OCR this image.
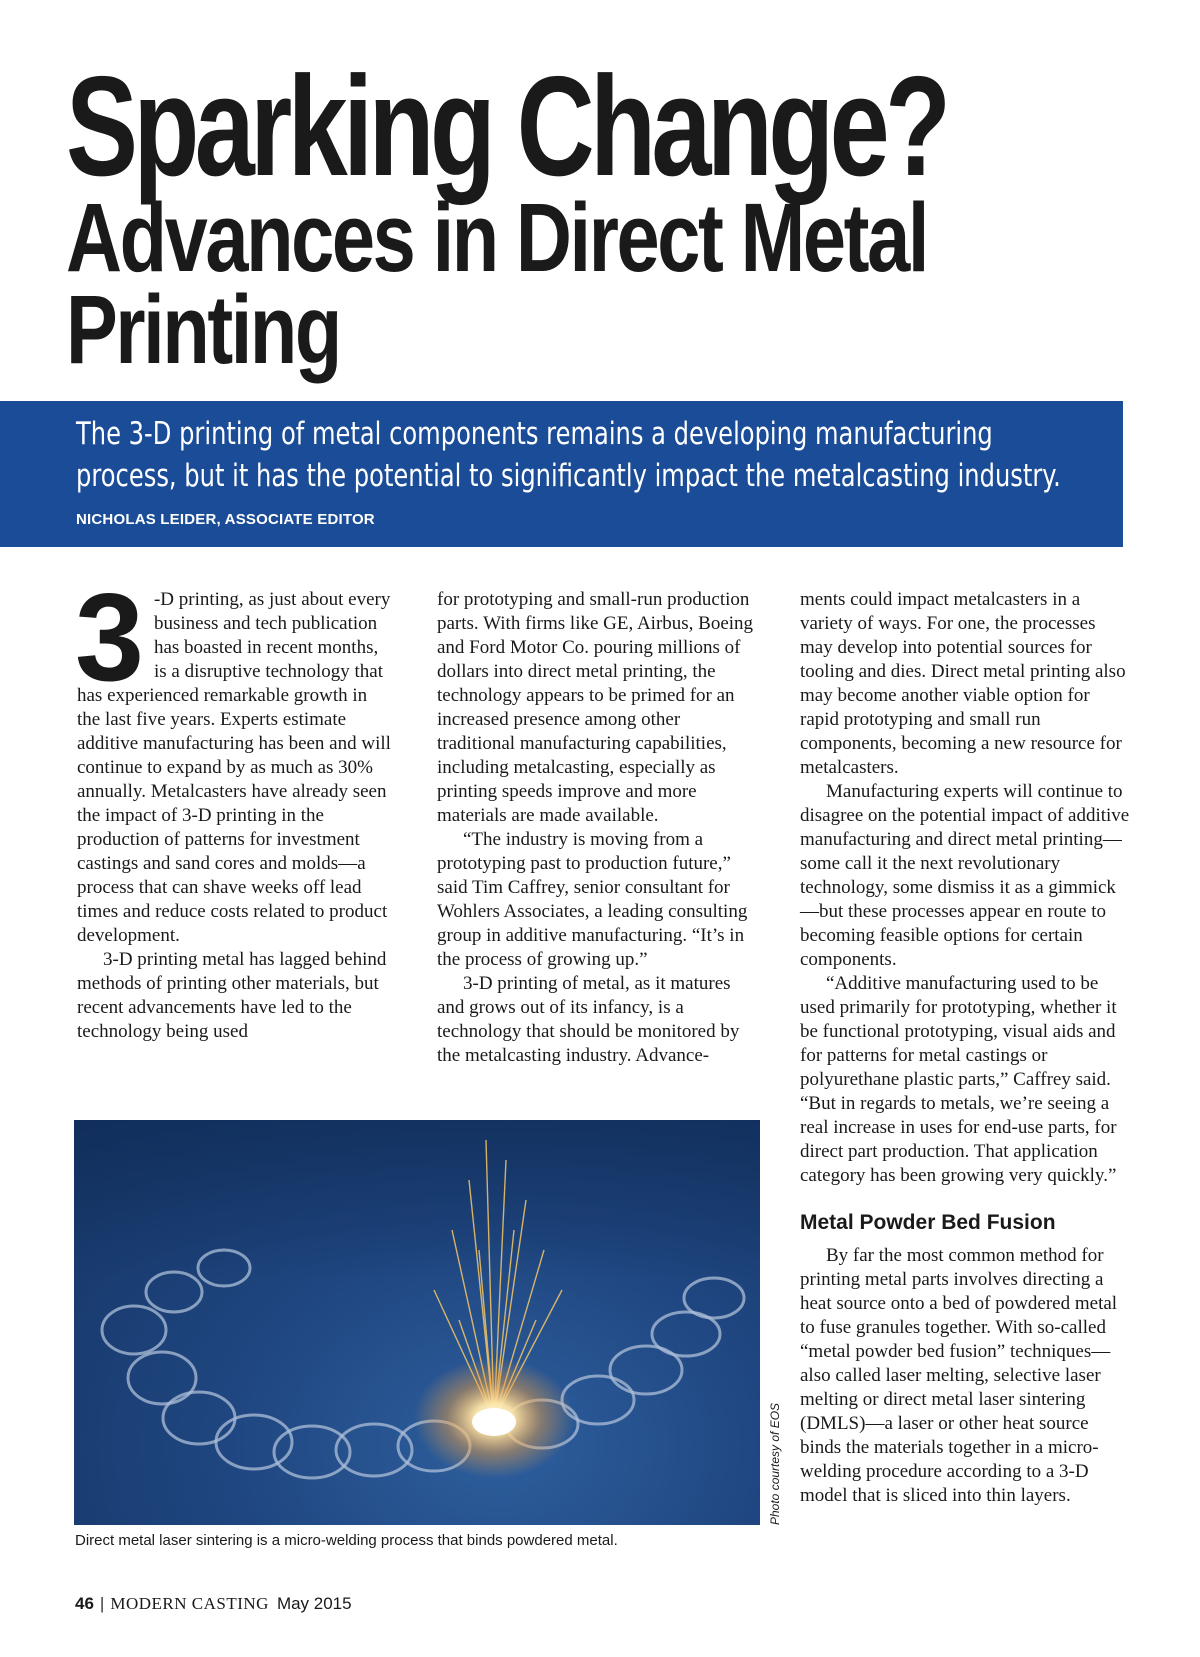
Sparking Change?
Advances in Direct Metal Printing

The 3-D printing of metal components remains a developing manufacturing process, but it has the potential to significantly impact the metalcasting industry.

NICHOLAS LEIDER, ASSOCIATE EDITOR

3 -D printing, as just about every business and tech publication has boasted in recent months, is a disruptive technology that has experienced remarkable growth in the last five years. Experts estimate additive manufacturing has been and will continue to expand by as much as 30% annually. Metalcasters have already seen the impact of 3-D printing in the production of patterns for investment castings and sand cores and molds—a process that can shave weeks off lead times and reduce costs related to product development.

3-D printing metal has lagged behind methods of printing other materials, but recent advancements have led to the technology being used

for prototyping and small-run production parts. With firms like GE, Airbus, Boeing and Ford Motor Co. pouring millions of dollars into direct metal printing, the technology appears to be primed for an increased presence among other traditional manufacturing capabilities, including metalcasting, especially as printing speeds improve and more materials are made available.

“The industry is moving from a prototyping past to production future,” said Tim Caffrey, senior consultant for Wohlers Associates, a leading consulting group in additive manufacturing. “It’s in the process of growing up.”

3-D printing of metal, as it matures and grows out of its infancy, is a technology that should be monitored by the metalcasting industry. Advance-

ments could impact metalcasters in a variety of ways. For one, the processes may develop into potential sources for tooling and dies. Direct metal printing also may become another viable option for rapid prototyping and small run components, becoming a new resource for metalcasters.

Manufacturing experts will continue to disagree on the potential impact of additive manufacturing and direct metal printing—some call it the next revolutionary technology, some dismiss it as a gimmick—but these processes appear en route to becoming feasible options for certain components.

“Additive manufacturing used to be used primarily for prototyping, whether it be functional prototyping, visual aids and for patterns for metal castings or polyurethane plastic parts,” Caffrey said. “But in regards to metals, we’re seeing a real increase in uses for end-use parts, for direct part production. That application category has been growing very quickly.”

Metal Powder Bed Fusion

By far the most common method for printing metal parts involves directing a heat source onto a bed of powdered metal to fuse granules together. With so-called “metal powder bed fusion” techniques—also called laser melting, selective laser melting or direct metal laser sintering (DMLS)—a laser or other heat source binds the materials together in a micro-welding procedure according to a 3-D model that is sliced into thin layers.

Photo courtesy of EOS

Direct metal laser sintering is a micro-welding process that binds powdered metal.

46 | MODERN CASTING May 2015
